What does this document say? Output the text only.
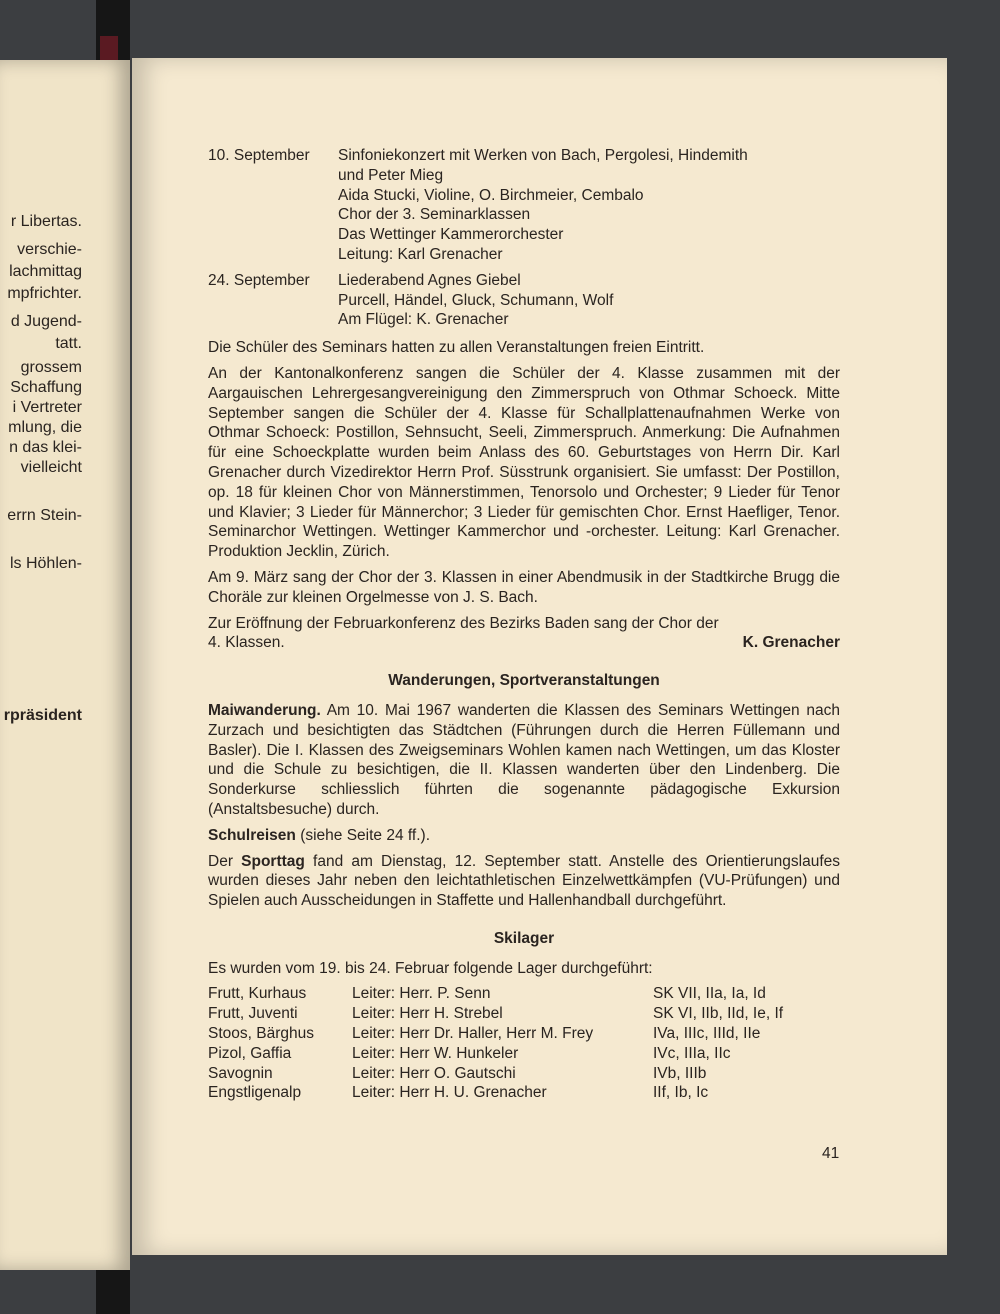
r Libertas.
verschie-
lachmittag
mpfrichter.
d Jugend-
tatt.
grossem
Schaffung
i Vertreter
mlung, die
n das klei-
vielleicht
errn Stein-
ls Höhlen-
rpräsident
10. September	Sinfoniekonzert mit Werken von Bach, Pergolesi, Hindemith
und Peter Mieg
Aida Stucki, Violine, O. Birchmeier, Cembalo
Chor der 3. Seminarklassen
Das Wettinger Kammerorchester
Leitung: Karl Grenacher
24. September	Liederabend Agnes Giebel
Purcell, Händel, Gluck, Schumann, Wolf
Am Flügel: K. Grenacher

Die Schüler des Seminars hatten zu allen Veranstaltungen freien Eintritt.

An der Kantonalkonferenz sangen die Schüler der 4. Klasse zusammen mit der Aargauischen Lehrergesangvereinigung den Zimmerspruch von Othmar Schoeck. Mitte September sangen die Schüler der 4. Klasse für Schallplattenaufnahmen Werke von Othmar Schoeck: Postillon, Sehnsucht, Seeli, Zimmerspruch. Anmerkung: Die Aufnahmen für eine Schoeckplatte wurden beim Anlass des 60. Geburtstages von Herrn Dir. Karl Grenacher durch Vizedirektor Herrn Prof. Süsstrunk organisiert. Sie umfasst: Der Postillon, op. 18 für kleinen Chor von Männerstimmen, Tenorsolo und Orchester; 9 Lieder für Tenor und Klavier; 3 Lieder für Männerchor; 3 Lieder für gemischten Chor. Ernst Haefliger, Tenor. Seminarchor Wettingen. Wettinger Kammerchor und -orchester. Leitung: Karl Grenacher. Produktion Jecklin, Zürich.

Am 9. März sang der Chor der 3. Klassen in einer Abendmusik in der Stadtkirche Brugg die Choräle zur kleinen Orgelmesse von J. S. Bach.

Zur Eröffnung der Februarkonferenz des Bezirks Baden sang der Chor der

4. Klassen.	K. Grenacher
Wanderungen, Sportveranstaltungen

Maiwanderung. Am 10. Mai 1967 wanderten die Klassen des Seminars Wettingen nach Zurzach und besichtigten das Städtchen (Führungen durch die Herren Füllemann und Basler). Die I. Klassen des Zweigseminars Wohlen kamen nach Wettingen, um das Kloster und die Schule zu besichtigen, die II. Klassen wanderten über den Lindenberg. Die Sonderkurse schliesslich führten die sogenannte pädagogische Exkursion (Anstaltsbesuche) durch.

Schulreisen (siehe Seite 24 ff.).

Der Sporttag fand am Dienstag, 12. September statt. Anstelle des Orientierungslaufes wurden dieses Jahr neben den leichtathletischen Einzelwettkämpfen (VU-Prüfungen) und Spielen auch Ausscheidungen in Staffette und Hallenhandball durchgeführt.

Skilager

Es wurden vom 19. bis 24. Februar folgende Lager durchgeführt:

Frutt, Kurhaus	Leiter: Herr. P. Senn	SK VII, IIa, Ia, Id
Frutt, Juventi	Leiter: Herr H. Strebel	SK VI, IIb, IId, Ie, If
Stoos, Bärghus	Leiter: Herr Dr. Haller, Herr M. Frey	IVa, IIIc, IIId, IIe
Pizol, Gaffia	Leiter: Herr W. Hunkeler	IVc, IIIa, IIc
Savognin	Leiter: Herr O. Gautschi	IVb, IIIb
Engstligenalp	Leiter: Herr H. U. Grenacher	IIf, Ib, Ic
41
